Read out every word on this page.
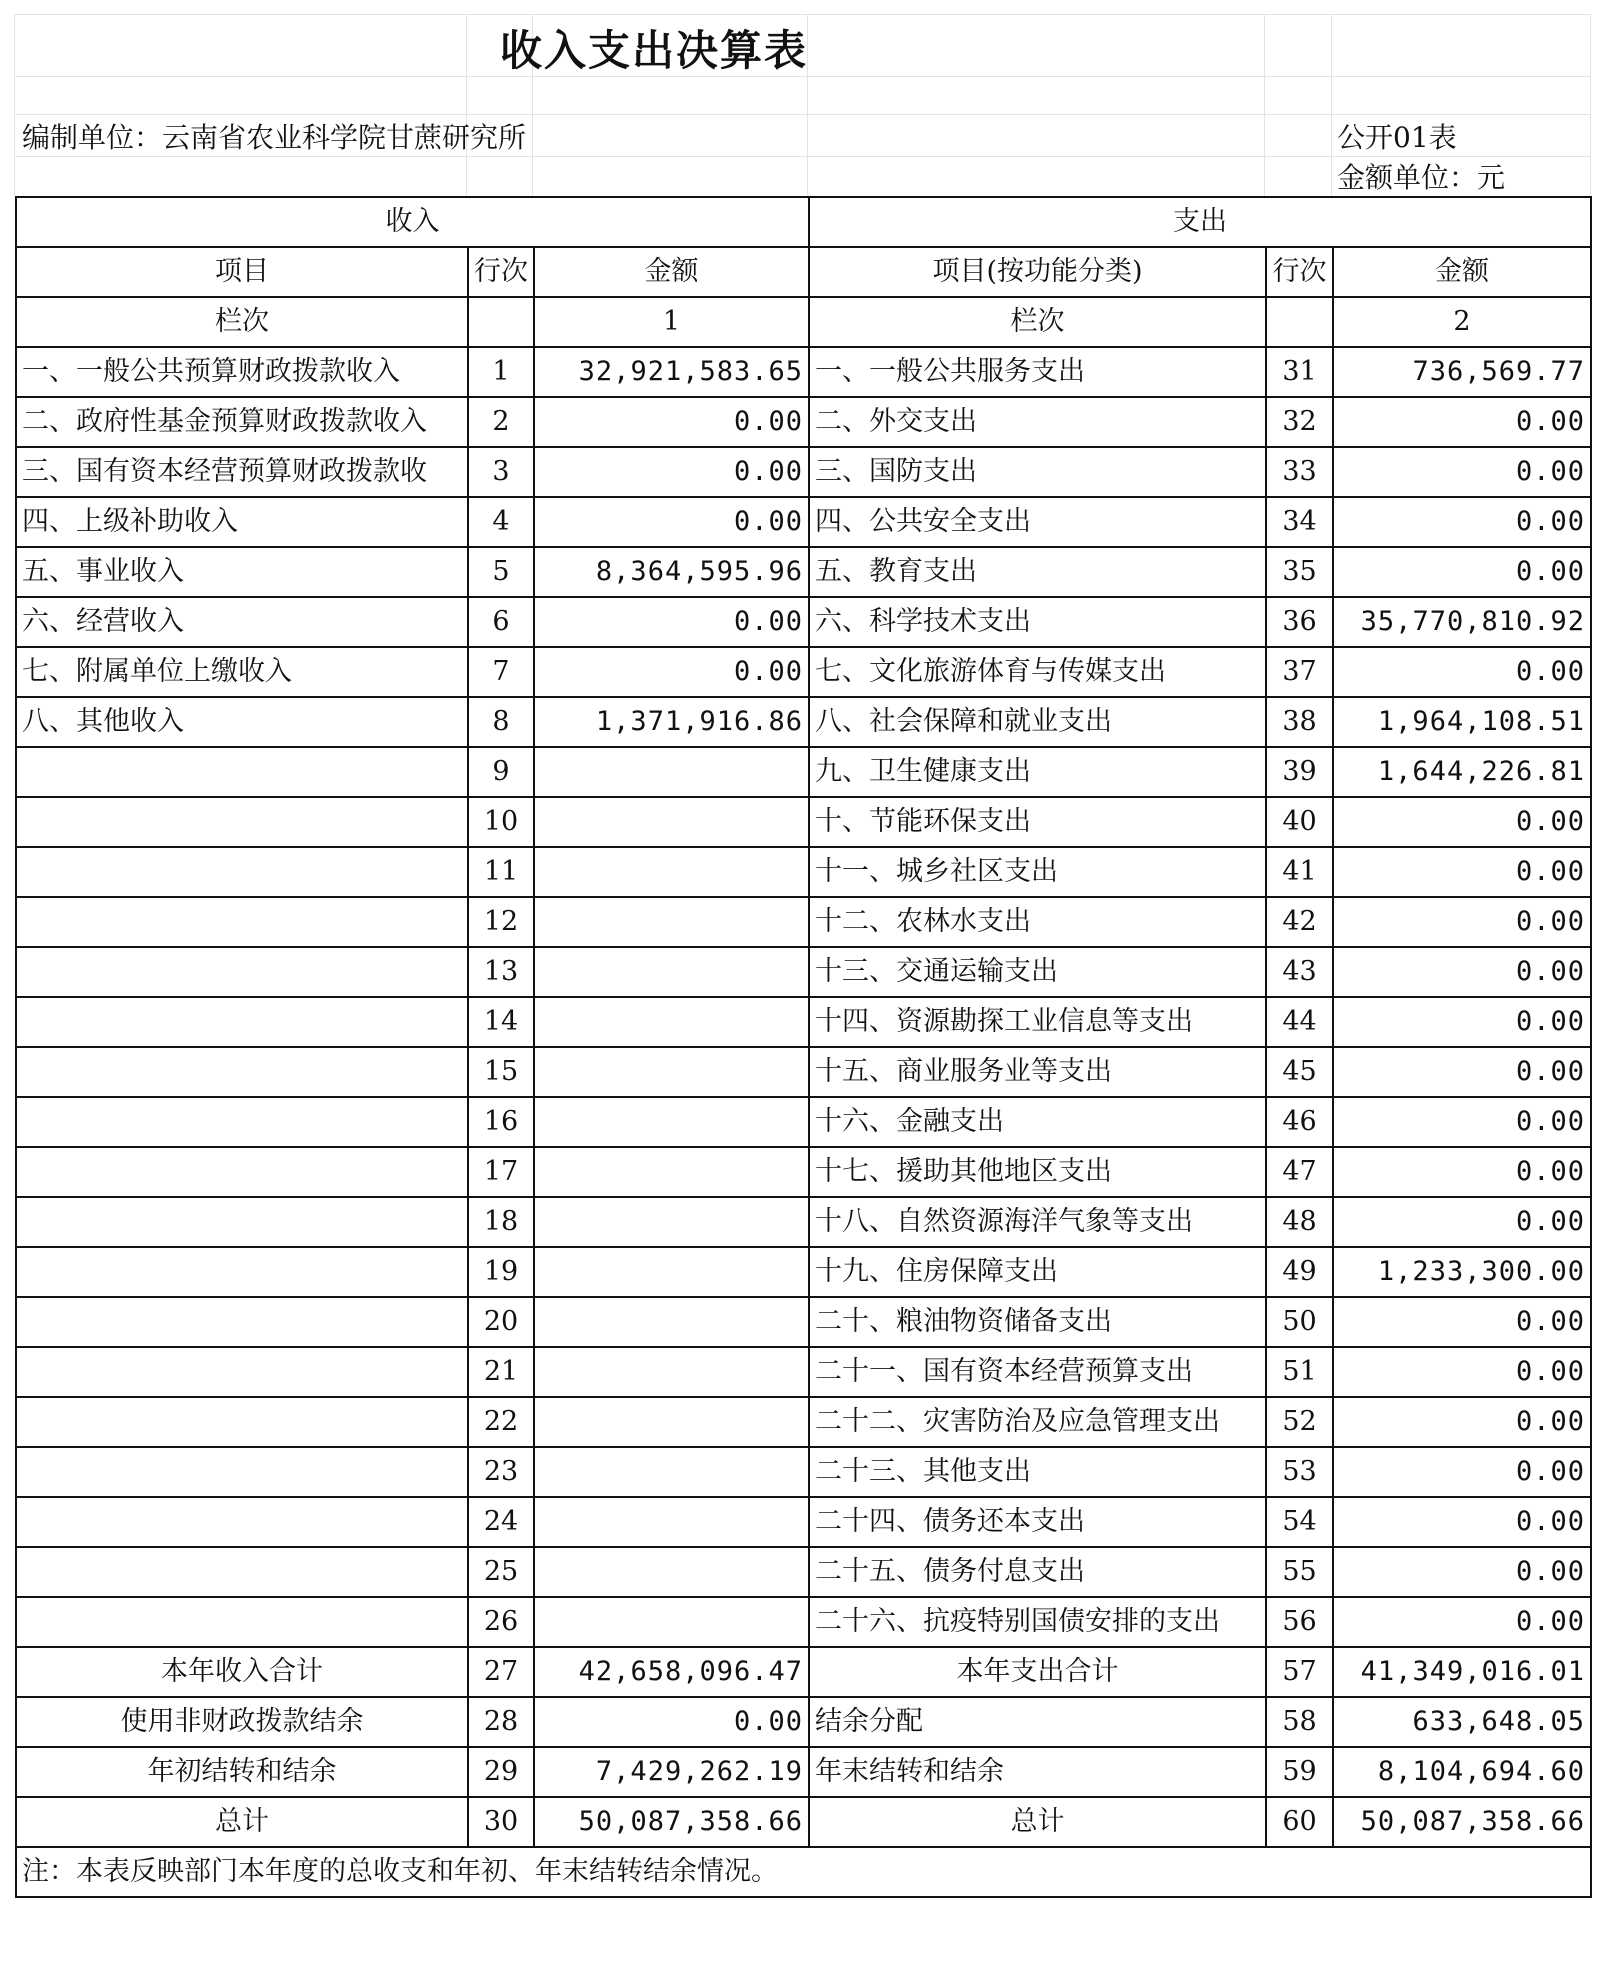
收入支出决算表
编制单位：云南省农业科学院甘蔗研究所	公开01表
金额单位：元
收入			支出		
项目	行次	金额	项目(按功能分类)	行次	金额
栏次		1	栏次		2
一、一般公共预算财政拨款收入	1	32,921,583.65	一、一般公共服务支出	31	736,569.77
二、政府性基金预算财政拨款收入	2	0.00	二、外交支出	32	0.00
三、国有资本经营预算财政拨款收	3	0.00	三、国防支出	33	0.00
四、上级补助收入	4	0.00	四、公共安全支出	34	0.00
五、事业收入	5	8,364,595.96	五、教育支出	35	0.00
六、经营收入	6	0.00	六、科学技术支出	36	35,770,810.92
七、附属单位上缴收入	7	0.00	七、文化旅游体育与传媒支出	37	0.00
八、其他收入	8	1,371,916.86	八、社会保障和就业支出	38	1,964,108.51
	9		九、卫生健康支出	39	1,644,226.81
	10		十、节能环保支出	40	0.00
	11		十一、城乡社区支出	41	0.00
	12		十二、农林水支出	42	0.00
	13		十三、交通运输支出	43	0.00
	14		十四、资源勘探工业信息等支出	44	0.00
	15		十五、商业服务业等支出	45	0.00
	16		十六、金融支出	46	0.00
	17		十七、援助其他地区支出	47	0.00
	18		十八、自然资源海洋气象等支出	48	0.00
	19		十九、住房保障支出	49	1,233,300.00
	20		二十、粮油物资储备支出	50	0.00
	21		二十一、国有资本经营预算支出	51	0.00
	22		二十二、灾害防治及应急管理支出	52	0.00
	23		二十三、其他支出	53	0.00
	24		二十四、债务还本支出	54	0.00
	25		二十五、债务付息支出	55	0.00
	26		二十六、抗疫特别国债安排的支出	56	0.00
本年收入合计	27	42,658,096.47	本年支出合计	57	41,349,016.01
使用非财政拨款结余	28	0.00	结余分配	58	633,648.05
年初结转和结余	29	7,429,262.19	年末结转和结余	59	8,104,694.60
总计	30	50,087,358.66	总计	60	50,087,358.66
注：本表反映部门本年度的总收支和年初、年末结转结余情况。					
